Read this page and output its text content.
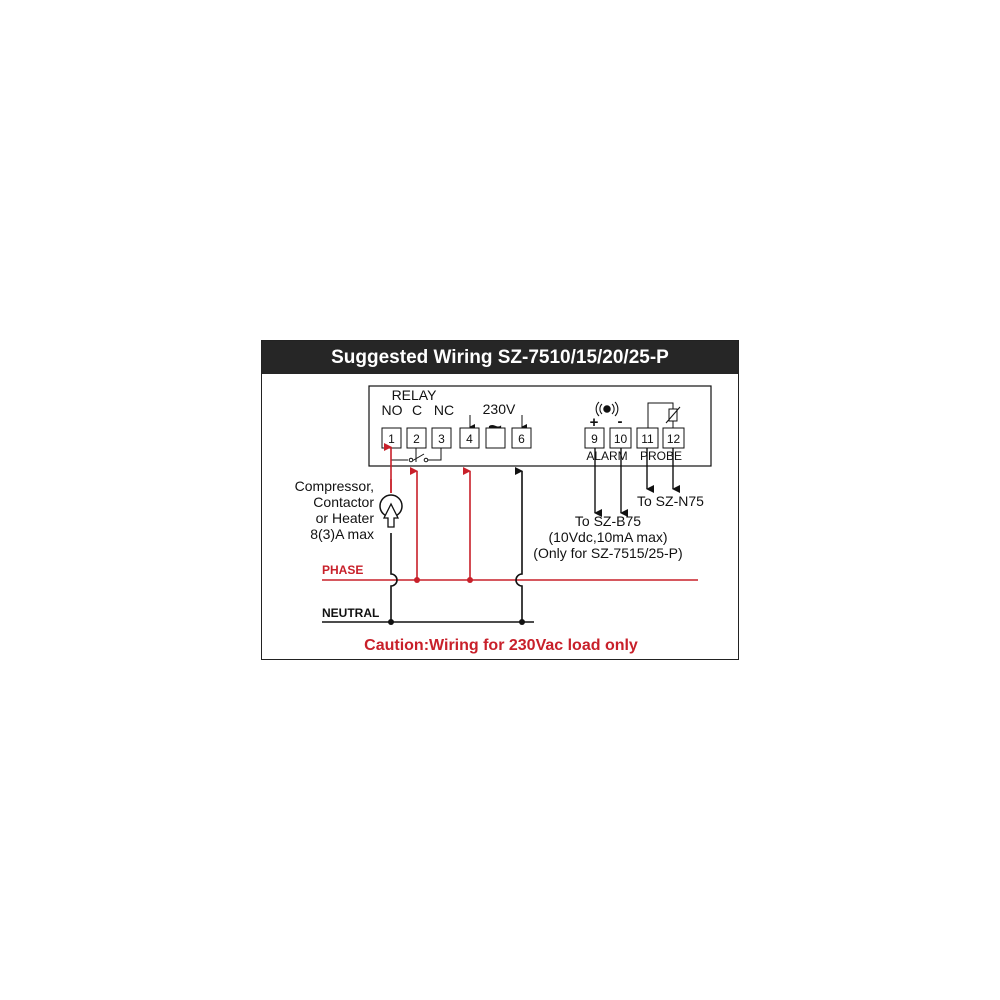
Suggested Wiring SZ-7510/15/20/25-P
RELAY
NO C NC 230V
1 2 3 4	6	9 10 11 12
+ -
ALARM PROBE
Compressor,
Contactor
or Heater
8(3)A max
PHASE
NEUTRAL
To SZ-N75
To SZ-B75
(10Vdc,10mA max)
(Only for SZ-7515/25-P)
Caution:Wiring for 230Vac load only
